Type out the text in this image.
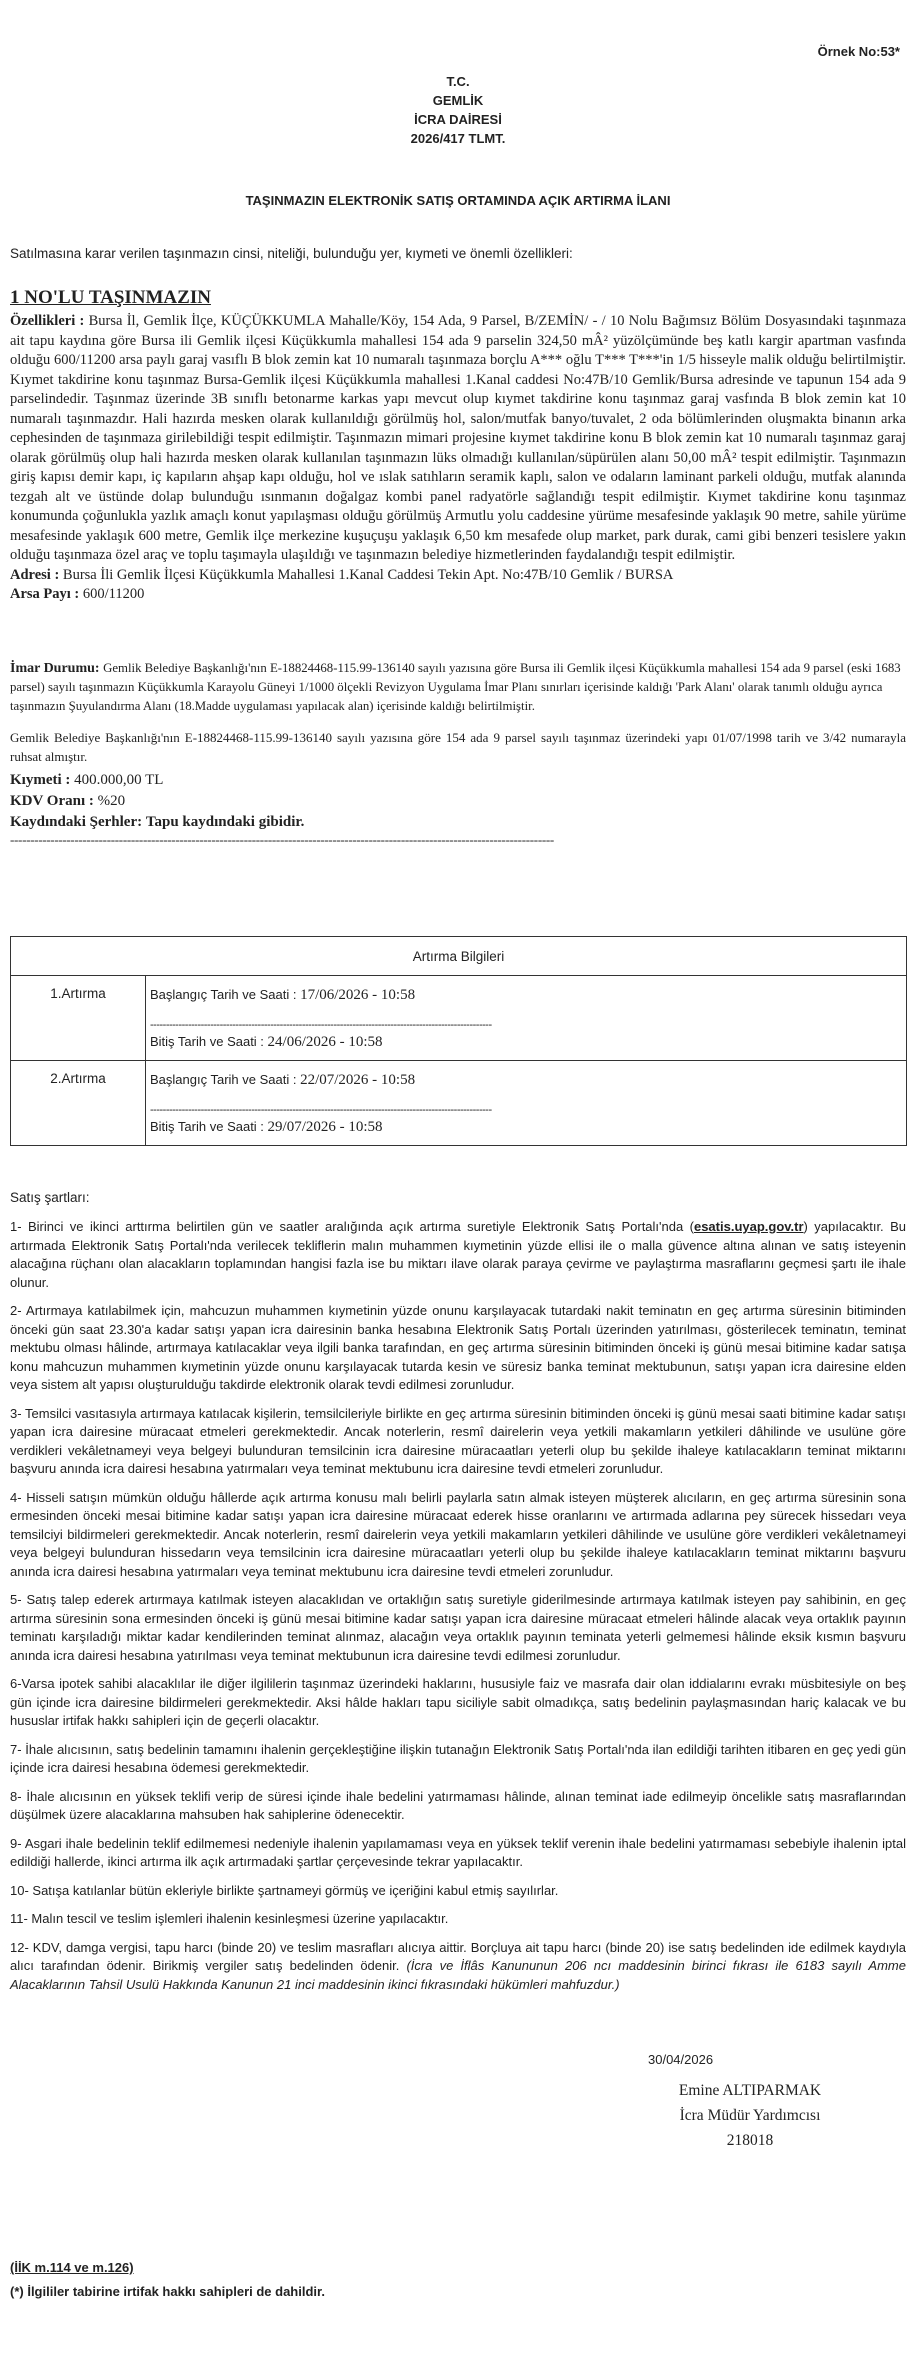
Örnek No:53*
T.C.
GEMLİK
İCRA DAİRESİ
2026/417 TLMT.
TAŞINMAZIN ELEKTRONİK SATIŞ ORTAMINDA AÇIK ARTIRMA İLANI
Satılmasına karar verilen taşınmazın cinsi, niteliği, bulunduğu yer, kıymeti ve önemli özellikleri:
1 NO'LU TAŞINMAZIN
Özellikleri : Bursa İl, Gemlik İlçe, KÜÇÜKKUMLA Mahalle/Köy, 154 Ada, 9 Parsel, B/ZEMİN/ - / 10 Nolu Bağımsız Bölüm Dosyasındaki taşınmaza ait tapu kaydına göre Bursa ili Gemlik ilçesi Küçükkumla mahallesi 154 ada 9 parselin 324,50 mÂ² yüzölçümünde beş katlı kargir apartman vasfında olduğu 600/11200 arsa paylı garaj vasıflı B blok zemin kat 10 numaralı taşınmaza borçlu A*** oğlu T*** T***'in 1/5 hisseyle malik olduğu belirtilmiştir. Kıymet takdirine konu taşınmaz Bursa-Gemlik ilçesi Küçükkumla mahallesi 1.Kanal caddesi No:47B/10 Gemlik/Bursa adresinde ve tapunun 154 ada 9 parselindedir. Taşınmaz üzerinde 3B sınıflı betonarme karkas yapı mevcut olup kıymet takdirine konu taşınmaz garaj vasfında B blok zemin kat 10 numaralı taşınmazdır. Hali hazırda mesken olarak kullanıldığı görülmüş hol, salon/mutfak banyo/tuvalet, 2 oda bölümlerinden oluşmakta binanın arka cephesinden de taşınmaza girilebildiği tespit edilmiştir. Taşınmazın mimari projesine kıymet takdirine konu B blok zemin kat 10 numaralı taşınmaz garaj olarak görülmüş olup hali hazırda mesken olarak kullanılan taşınmazın lüks olmadığı kullanılan/süpürülen alanı 50,00 mÂ² tespit edilmiştir. Taşınmazın giriş kapısı demir kapı, iç kapıların ahşap kapı olduğu, hol ve ıslak satıhların seramik kaplı, salon ve odaların laminant parkeli olduğu, mutfak alanında tezgah alt ve üstünde dolap bulunduğu ısınmanın doğalgaz kombi panel radyatörle sağlandığı tespit edilmiştir. Kıymet takdirine konu taşınmaz konumunda çoğunlukla yazlık amaçlı konut yapılaşması olduğu görülmüş Armutlu yolu caddesine yürüme mesafesinde yaklaşık 90 metre, sahile yürüme mesafesinde yaklaşık 600 metre, Gemlik ilçe merkezine kuşuçuşu yaklaşık 6,50 km mesafede olup market, park durak, cami gibi benzeri tesislere yakın olduğu taşınmaza özel araç ve toplu taşımayla ulaşıldığı ve taşınmazın belediye hizmetlerinden faydalandığı tespit edilmiştir.
Adresi : Bursa İli Gemlik İlçesi Küçükkumla Mahallesi 1.Kanal Caddesi Tekin Apt. No:47B/10 Gemlik / BURSA
Arsa Payı : 600/11200
İmar Durumu: Gemlik Belediye Başkanlığı'nın E-18824468-115.99-136140 sayılı yazısına göre Bursa ili Gemlik ilçesi Küçükkumla mahallesi 154 ada 9 parsel (eski 1683 parsel) sayılı taşınmazın Küçükkumla Karayolu Güneyi 1/1000 ölçekli Revizyon Uygulama İmar Planı sınırları içerisinde kaldığı 'Park Alanı' olarak tanımlı olduğu ayrıca taşınmazın Şuyulandırma Alanı (18.Madde uygulaması yapılacak alan) içerisinde kaldığı belirtilmiştir.
Gemlik Belediye Başkanlığı'nın E-18824468-115.99-136140 sayılı yazısına göre 154 ada 9 parsel sayılı taşınmaz üzerindeki yapı 01/07/1998 tarih ve 3/42 numarayla ruhsat almıştır.
Kıymeti : 400.000,00 TL
KDV Oranı : %20
Kaydındaki Şerhler: Tapu kaydındaki gibidir.
---------------------------------------------------------------------------------------------------------------------------------------
Artırma Bilgileri	
1.Artırma	Başlangıç Tarih ve Saati : 17/06/2026 - 10:58
------------------------------------------------------------------------------------------------------------
Bitiş Tarih ve Saati : 24/06/2026 - 10:58

2.Artırma	Başlangıç Tarih ve Saati : 22/07/2026 - 10:58
------------------------------------------------------------------------------------------------------------
Bitiş Tarih ve Saati : 29/07/2026 - 10:58
Satış şartları:

1- Birinci ve ikinci arttırma belirtilen gün ve saatler aralığında açık artırma suretiyle Elektronik Satış Portalı'nda (esatis.uyap.gov.tr) yapılacaktır. Bu artırmada Elektronik Satış Portalı'nda verilecek tekliflerin malın muhammen kıymetinin yüzde ellisi ile o malla güvence altına alınan ve satış isteyenin alacağına rüçhanı olan alacakların toplamından hangisi fazla ise bu miktarı ilave olarak paraya çevirme ve paylaştırma masraflarını geçmesi şartı ile ihale olunur.

2- Artırmaya katılabilmek için, mahcuzun muhammen kıymetinin yüzde onunu karşılayacak tutardaki nakit teminatın en geç artırma süresinin bitiminden önceki gün saat 23.30'a kadar satışı yapan icra dairesinin banka hesabına Elektronik Satış Portalı üzerinden yatırılması, gösterilecek teminatın, teminat mektubu olması hâlinde, artırmaya katılacaklar veya ilgili banka tarafından, en geç artırma süresinin bitiminden önceki iş günü mesai bitimine kadar satışa konu mahcuzun muhammen kıymetinin yüzde onunu karşılayacak tutarda kesin ve süresiz banka teminat mektubunun, satışı yapan icra dairesine elden veya sistem alt yapısı oluşturulduğu takdirde elektronik olarak tevdi edilmesi zorunludur.

3- Temsilci vasıtasıyla artırmaya katılacak kişilerin, temsilcileriyle birlikte en geç artırma süresinin bitiminden önceki iş günü mesai saati bitimine kadar satışı yapan icra dairesine müracaat etmeleri gerekmektedir. Ancak noterlerin, resmî dairelerin veya yetkili makamların yetkileri dâhilinde ve usulüne göre verdikleri vekâletnameyi veya belgeyi bulunduran temsilcinin icra dairesine müracaatları yeterli olup bu şekilde ihaleye katılacakların teminat miktarını başvuru anında icra dairesi hesabına yatırmaları veya teminat mektubunu icra dairesine tevdi etmeleri zorunludur.

4- Hisseli satışın mümkün olduğu hâllerde açık artırma konusu malı belirli paylarla satın almak isteyen müşterek alıcıların, en geç artırma süresinin sona ermesinden önceki mesai bitimine kadar satışı yapan icra dairesine müracaat ederek hisse oranlarını ve artırmada adlarına pey sürecek hissedarı veya temsilciyi bildirmeleri gerekmektedir. Ancak noterlerin, resmî dairelerin veya yetkili makamların yetkileri dâhilinde ve usulüne göre verdikleri vekâletnameyi veya belgeyi bulunduran hissedarın veya temsilcinin icra dairesine müracaatları yeterli olup bu şekilde ihaleye katılacakların teminat miktarını başvuru anında icra dairesi hesabına yatırmaları veya teminat mektubunu icra dairesine tevdi etmeleri zorunludur.

5- Satış talep ederek artırmaya katılmak isteyen alacaklıdan ve ortaklığın satış suretiyle giderilmesinde artırmaya katılmak isteyen pay sahibinin, en geç artırma süresinin sona ermesinden önceki iş günü mesai bitimine kadar satışı yapan icra dairesine müracaat etmeleri hâlinde alacak veya ortaklık payının teminatı karşıladığı miktar kadar kendilerinden teminat alınmaz, alacağın veya ortaklık payının teminata yeterli gelmemesi hâlinde eksik kısmın başvuru anında icra dairesi hesabına yatırılması veya teminat mektubunun icra dairesine tevdi edilmesi zorunludur.

6-Varsa ipotek sahibi alacaklılar ile diğer ilgililerin taşınmaz üzerindeki haklarını, hususiyle faiz ve masrafa dair olan iddialarını evrakı müsbitesiyle on beş gün içinde icra dairesine bildirmeleri gerekmektedir. Aksi hâlde hakları tapu siciliyle sabit olmadıkça, satış bedelinin paylaşmasından hariç kalacak ve bu hususlar irtifak hakkı sahipleri için de geçerli olacaktır.

7- İhale alıcısının, satış bedelinin tamamını ihalenin gerçekleştiğine ilişkin tutanağın Elektronik Satış Portalı'nda ilan edildiği tarihten itibaren en geç yedi gün içinde icra dairesi hesabına ödemesi gerekmektedir.

8- İhale alıcısının en yüksek teklifi verip de süresi içinde ihale bedelini yatırmaması hâlinde, alınan teminat iade edilmeyip öncelikle satış masraflarından düşülmek üzere alacaklarına mahsuben hak sahiplerine ödenecektir.

9- Asgari ihale bedelinin teklif edilmemesi nedeniyle ihalenin yapılamaması veya en yüksek teklif verenin ihale bedelini yatırmaması sebebiyle ihalenin iptal edildiği hallerde, ikinci artırma ilk açık artırmadaki şartlar çerçevesinde tekrar yapılacaktır.

10- Satışa katılanlar bütün ekleriyle birlikte şartnameyi görmüş ve içeriğini kabul etmiş sayılırlar.

11- Malın tescil ve teslim işlemleri ihalenin kesinleşmesi üzerine yapılacaktır.

12- KDV, damga vergisi, tapu harcı (binde 20) ve teslim masrafları alıcıya aittir. Borçluya ait tapu harcı (binde 20) ise satış bedelinden ide edilmek kaydıyla alıcı tarafından ödenir. Birikmiş vergiler satış bedelinden ödenir. (İcra ve İflâs Kanununun 206 ncı maddesinin birinci fıkrası ile 6183 sayılı Amme Alacaklarının Tahsil Usulü Hakkında Kanunun 21 inci maddesinin ikinci fıkrasındaki hükümleri mahfuzdur.)

30/04/2026
Emine ALTIPARMAK
İcra Müdür Yardımcısı
218018
(İİK m.114 ve m.126)
(*) İlgililer tabirine irtifak hakkı sahipleri de dahildir.
